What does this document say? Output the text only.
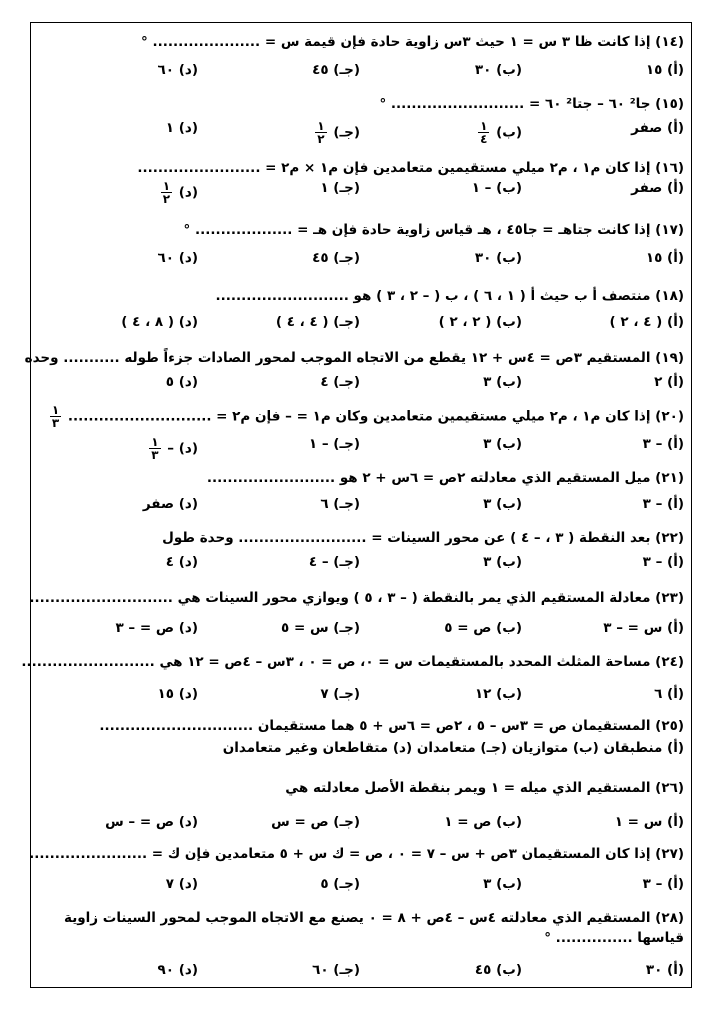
(١٤) إذا كانت ظا ٣ س = ١ حيث ٣س زاوية حادة فإن قيمة س = ..................... °
(أ) ١٥
(ب) ٣٠
(جـ) ٤٥
(د) ٦٠
(١٥) جا² ٦٠ – جتا² ٦٠ = .......................... °
(أ) صفر
(ب)
$\frac{١}{٤}$
(جـ)
$\frac{١}{٢}$
(د) ١
(١٦) إذا كان م١ ، م٢ ميلي مستقيمين متعامدين فإن م١ × م٢ = ........................
(أ) صفر
(ب) – ١
(جـ) ١
(د)
$\frac{١}{٢}$
(١٧) إذا كانت جتاهـ = جا٤٥ ، هـ قياس زاوية حادة فإن هـ = ................... °
(أ) ١٥
(ب) ٣٠
(جـ) ٤٥
(د) ٦٠
(١٨) منتصف أ ب حيث أ ( ١ ، ٦ ) ، ب ( – ٢ ، ٣ ) هو ..........................
(أ) ( ٤ ، ٢ )
(ب) ( ٢ ، ٢ )
(جـ) ( ٤ ، ٤ )
(د) ( ٨ ، ٤ )
(١٩) المستقيم ٣ص = ٤س + ١٢ يقطع من الاتجاه الموجب لمحور الصادات جزءاً طوله ........... وحده
(أ) ٢
(ب) ٣
(جـ) ٤
(د) ٥
(٢٠) إذا كان م١ ، م٢ ميلي مستقيمين متعامدين وكان م١ = – فإن م٢ = ............................
$\frac{١}{٣}$
(أ) – ٣
(ب) ٣
(جـ) – ١
(د) –
$\frac{١}{٣}$
(٢١) ميل المستقيم الذي معادلته ٢ص = ٦س + ٢ هو .........................
(أ) – ٣
(ب) ٣
(جـ) ٦
(د) صفر
(٢٢) بعد النقطة ( ٣ ، – ٤ ) عن محور السينات = ......................... وحدة طول
(أ) – ٣
(ب) ٣
(جـ) – ٤
(د) ٤
(٢٣) معادلة المستقيم الذي يمر بالنقطة ( – ٣ ، ٥ ) ويوازي محور السينات هي ............................
(أ) س = – ٣
(ب) ص = ٥
(جـ) س = ٥
(د) ص = – ٣
(٢٤) مساحة المثلث المحدد بالمستقيمات س = ٠، ص = ٠ ، ٣س – ٤ص = ١٢ هي ..........................
(أ) ٦
(ب) ١٢
(جـ) ٧
(د) ١٥
(٢٥) المستقيمان ص = ٣س – ٥ ، ٢ص = ٦س + ٥ هما مستقيمان ..............................
(أ) منطبقان (ب) متوازيان (جـ) متعامدان (د) متقاطعان وغير متعامدان
(٢٦) المستقيم الذي ميله = ١ ويمر بنقطة الأصل معادلته هي
(أ) س = ١
(ب) ص = ١
(جـ) ص = س
(د) ص = – س
(٢٧) إذا كان المستقيمان ٣ص + س – ٧ = ٠ ، ص = ك س + ٥ متعامدين فإن ك = .......................
(أ) – ٣
(ب) ٣
(جـ) ٥
(د) ٧
(٢٨) المستقيم الذي معادلته ٤س – ٤ص + ٨ = ٠ يصنع مع الاتجاه الموجب لمحور السينات زاوية
قياسها ............... °
(أ) ٣٠
(ب) ٤٥
(جـ) ٦٠
(د) ٩٠
